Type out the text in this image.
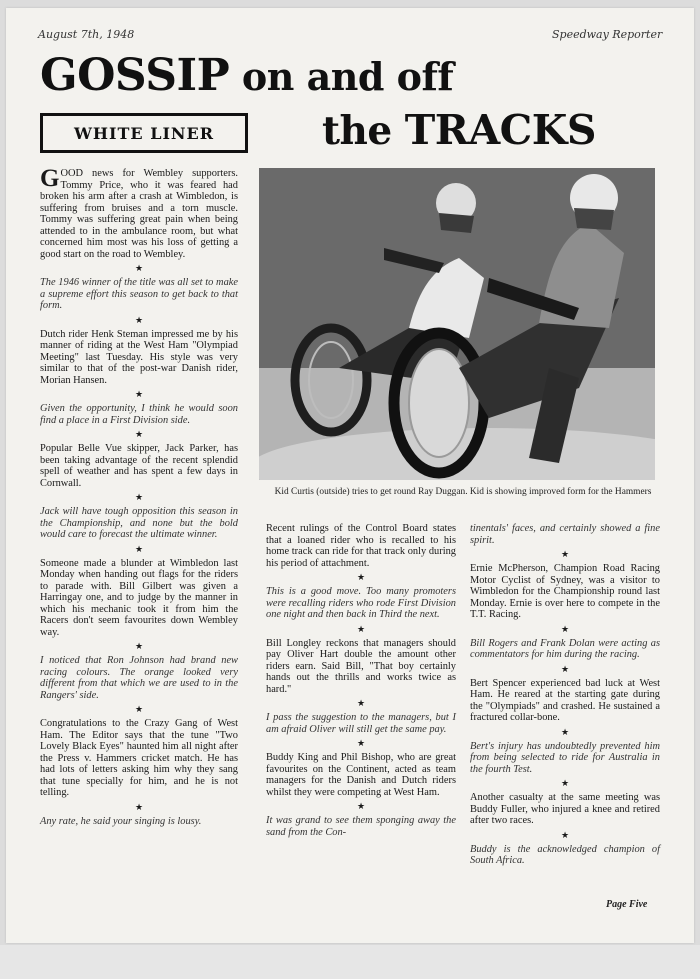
August 7th, 1948	Speedway Reporter
GOSSIP on and off
the TRACKS
WHITE LINER

GOOD news for Wembley supporters. Tommy Price, who it was feared had broken his arm after a crash at Wimbledon, is suffering from bruises and a torn muscle. Tommy was suffering great pain when being attended to in the ambulance room, but what concerned him most was his loss of getting a good start on the road to Wembley.

★

The 1946 winner of the title was all set to make a supreme effort this season to get back to that form.

★

Dutch rider Henk Steman impressed me by his manner of riding at the West Ham "Olympiad Meeting" last Tuesday. His style was very similar to that of the post-war Danish rider, Morian Hansen.

★

Given the opportunity, I think he would soon find a place in a First Division side.

★

Popular Belle Vue skipper, Jack Parker, has been taking advantage of the recent splendid spell of weather and has spent a few days in Cornwall.

★

Jack will have tough opposition this season in the Championship, and none but the bold would care to forecast the ultimate winner.

★

Someone made a blunder at Wimbledon last Monday when handing out flags for the riders to parade with. Bill Gilbert was given a Harringay one, and to judge by the manner in which his mechanic took it from him the Racers don't seem favourites down Wembley way.

★

I noticed that Ron Johnson had brand new racing colours. The orange looked very different from that which we are used to in the Rangers' side.

★

Congratulations to the Crazy Gang of West Ham. The Editor says that the tune "Two Lovely Black Eyes" haunted him all night after the Press v. Hammers cricket match. He has had lots of letters asking him why they sang that tune specially for him, and he is not telling.

★

Any rate, he said your singing is lousy.

Kid Curtis (outside) tries to get round Ray Duggan. Kid is showing improved form for the Hammers

Recent rulings of the Control Board states that a loaned rider who is recalled to his home track can ride for that track only during his period of attachment.

★

This is a good move. Too many promoters were recalling riders who rode First Division one night and then back in Third the next.

★

Bill Longley reckons that managers should pay Oliver Hart double the amount other riders earn. Said Bill, "That boy certainly hands out the thrills and works twice as hard."

★

I pass the suggestion to the managers, but I am afraid Oliver will still get the same pay.

★

Buddy King and Phil Bishop, who are great favourites on the Continent, acted as team managers for the Danish and Dutch riders whilst they were competing at West Ham.

★

It was grand to see them sponging away the sand from the Con-

tinentals' faces, and certainly showed a fine spirit.

★

Ernie McPherson, Champion Road Racing Motor Cyclist of Sydney, was a visitor to Wimbledon for the Championship round last Monday. Ernie is over here to compete in the T.T. Racing.

★

Bill Rogers and Frank Dolan were acting as commentators for him during the racing.

★

Bert Spencer experienced bad luck at West Ham. He reared at the starting gate during the "Olympiads" and crashed. He sustained a fractured collar-bone.

★

Bert's injury has undoubtedly prevented him from being selected to ride for Australia in the fourth Test.

★

Another casualty at the same meeting was Buddy Fuller, who injured a knee and retired after two races.

★

Buddy is the acknowledged champion of South Africa.

Page Five
